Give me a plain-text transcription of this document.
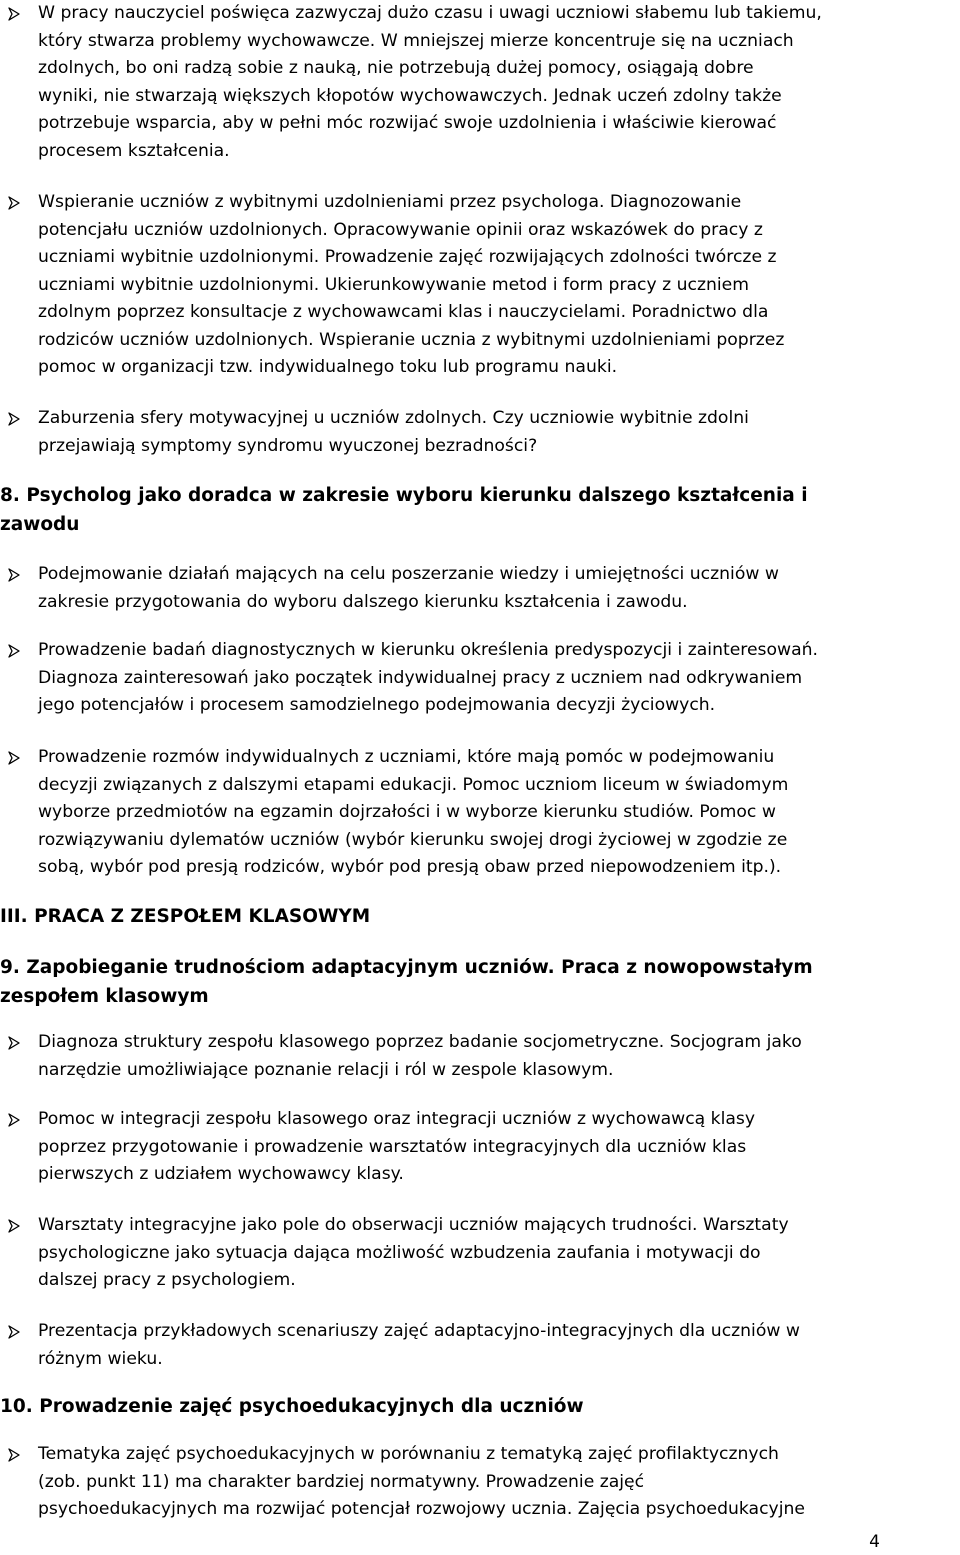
W pracy nauczyciel poświęca zazwyczaj dużo czasu i uwagi uczniowi słabemu lub takiemu,
który stwarza problemy wychowawcze. W mniejszej mierze koncentruje się na uczniach
zdolnych, bo oni radzą sobie z nauką, nie potrzebują dużej pomocy, osiągają dobre
wyniki, nie stwarzają większych kłopotów wychowawczych. Jednak uczeń zdolny także
potrzebuje wsparcia, aby w pełni móc rozwijać swoje uzdolnienia i właściwie kierować
procesem kształcenia.
Wspieranie uczniów z wybitnymi uzdolnieniami przez psychologa. Diagnozowanie
potencjału uczniów uzdolnionych. Opracowywanie opinii oraz wskazówek do pracy z
uczniami wybitnie uzdolnionymi. Prowadzenie zajęć rozwijających zdolności twórcze z
uczniami wybitnie uzdolnionymi. Ukierunkowywanie metod i form pracy z uczniem
zdolnym poprzez konsultacje z wychowawcami klas i nauczycielami. Poradnictwo dla
rodziców uczniów uzdolnionych. Wspieranie ucznia z wybitnymi uzdolnieniami poprzez
pomoc w organizacji tzw. indywidualnego toku lub programu nauki.
Zaburzenia sfery motywacyjnej u uczniów zdolnych. Czy uczniowie wybitnie zdolni
przejawiają symptomy syndromu wyuczonej bezradności?
8. Psycholog jako doradca w zakresie wyboru kierunku dalszego kształcenia i
zawodu
Podejmowanie działań mających na celu poszerzanie wiedzy i umiejętności uczniów w
zakresie przygotowania do wyboru dalszego kierunku kształcenia i zawodu.
Prowadzenie badań diagnostycznych w kierunku określenia predyspozycji i zainteresowań.
Diagnoza zainteresowań jako początek indywidualnej pracy z uczniem nad odkrywaniem
jego potencjałów i procesem samodzielnego podejmowania decyzji życiowych.
Prowadzenie rozmów indywidualnych z uczniami, które mają pomóc w podejmowaniu
decyzji związanych z dalszymi etapami edukacji. Pomoc uczniom liceum w świadomym
wyborze przedmiotów na egzamin dojrzałości i w wyborze kierunku studiów. Pomoc w
rozwiązywaniu dylematów uczniów (wybór kierunku swojej drogi życiowej w zgodzie ze
sobą, wybór pod presją rodziców, wybór pod presją obaw przed niepowodzeniem itp.).
III. PRACA Z ZESPOŁEM KLASOWYM
9. Zapobieganie trudnościom adaptacyjnym uczniów. Praca z nowopowstałym
zespołem klasowym
Diagnoza struktury zespołu klasowego poprzez badanie socjometryczne. Socjogram jako
narzędzie umożliwiające poznanie relacji i ról w zespole klasowym.
Pomoc w integracji zespołu klasowego oraz integracji uczniów z wychowawcą klasy
poprzez przygotowanie i prowadzenie warsztatów integracyjnych dla uczniów klas
pierwszych z udziałem wychowawcy klasy.
Warsztaty integracyjne jako pole do obserwacji uczniów mających trudności. Warsztaty
psychologiczne jako sytuacja dająca możliwość wzbudzenia zaufania i motywacji do
dalszej pracy z psychologiem.
Prezentacja przykładowych scenariuszy zajęć adaptacyjno-integracyjnych dla uczniów w
różnym wieku.
10. Prowadzenie zajęć psychoedukacyjnych dla uczniów
Tematyka zajęć psychoedukacyjnych w porównaniu z tematyką zajęć profilaktycznych
(zob. punkt 11) ma charakter bardziej normatywny. Prowadzenie zajęć
psychoedukacyjnych ma rozwijać potencjał rozwojowy ucznia. Zajęcia psychoedukacyjne
4
